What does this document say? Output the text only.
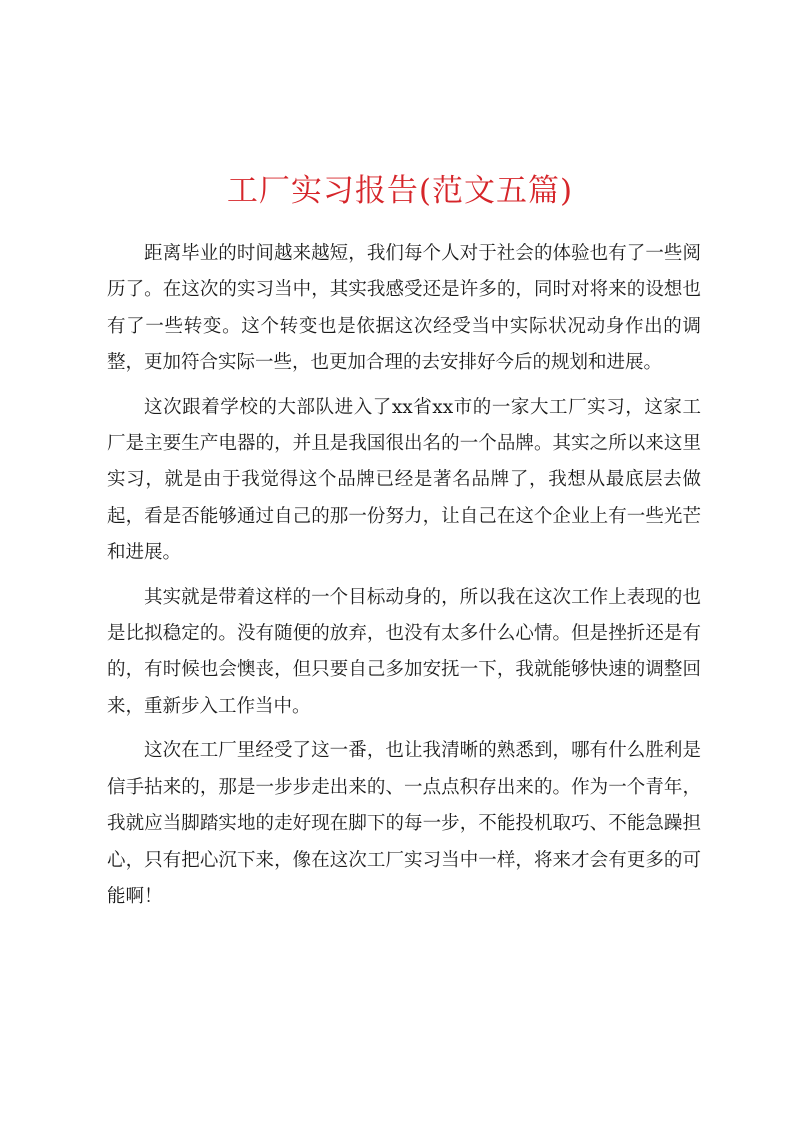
工厂实习报告(范文五篇)

距离毕业的时间越来越短，我们每个人对于社会的体验也有了一些阅历了。在这次的实习当中，其实我感受还是许多的，同时对将来的设想也有了一些转变。这个转变也是依据这次经受当中实际状况动身作出的调整，更加符合实际一些，也更加合理的去安排好今后的规划和进展。

这次跟着学校的大部队进入了xx省xx市的一家大工厂实习，这家工厂是主要生产电器的，并且是我国很出名的一个品牌。其实之所以来这里实习，就是由于我觉得这个品牌已经是著名品牌了，我想从最底层去做起，看是否能够通过自己的那一份努力，让自己在这个企业上有一些光芒和进展。

其实就是带着这样的一个目标动身的，所以我在这次工作上表现的也是比拟稳定的。没有随便的放弃，也没有太多什么心情。但是挫折还是有的，有时候也会懊丧，但只要自己多加安抚一下，我就能够快速的调整回来，重新步入工作当中。

这次在工厂里经受了这一番，也让我清晰的熟悉到，哪有什么胜利是信手拈来的，那是一步步走出来的、一点点积存出来的。作为一个青年，我就应当脚踏实地的走好现在脚下的每一步，不能投机取巧、不能急躁担心，只有把心沉下来，像在这次工厂实习当中一样，将来才会有更多的可能啊！
